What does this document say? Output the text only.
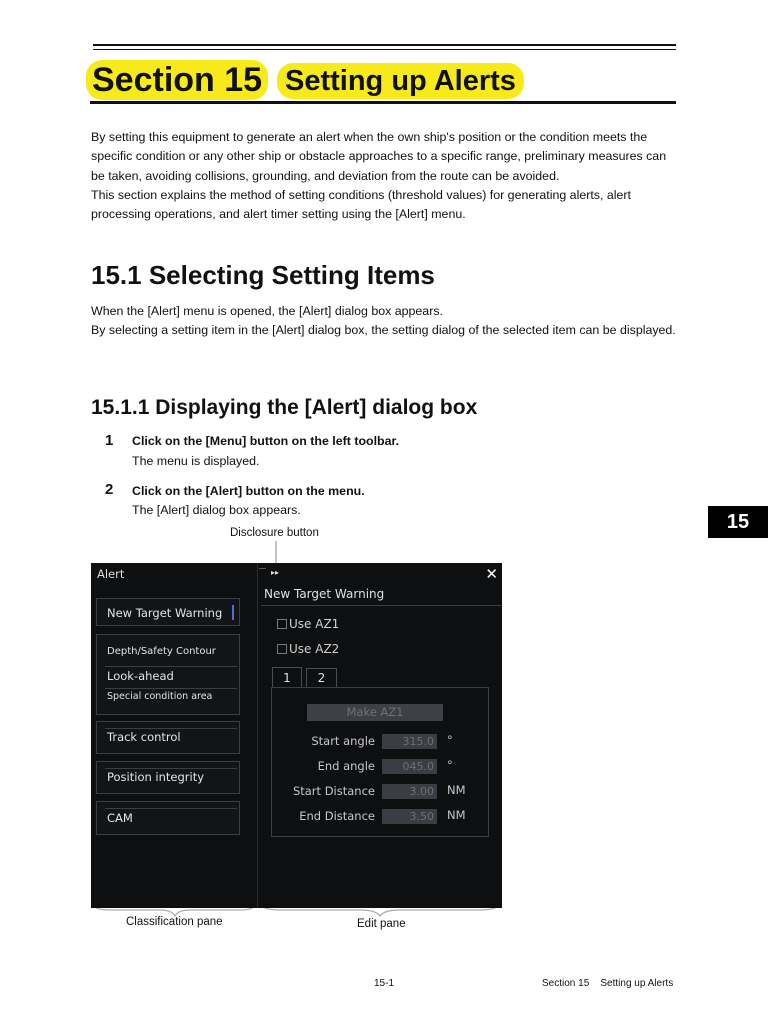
Section 15 Setting up Alerts
By setting this equipment to generate an alert when the own ship's position or the condition meets the specific condition or any other ship or obstacle approaches to a specific range, preliminary measures can be taken, avoiding collisions, grounding, and deviation from the route can be avoided.
This section explains the method of setting conditions (threshold values) for generating alerts, alert processing operations, and alert timer setting using the [Alert] menu.
15.1 Selecting Setting Items
When the [Alert] menu is opened, the [Alert] dialog box appears.
By selecting a setting item in the [Alert] dialog box, the setting dialog of the selected item can be displayed.
15.1.1 Displaying the [Alert] dialog box
1 Click on the [Menu] button on the left toolbar.
The menu is displayed.
2 Click on the [Alert] button on the menu.
The [Alert] dialog box appears.
15
Disclosure button
Classification pane	Edit pane
Alert	✕
▸▸
New Target Warning
Depth/Safety Contour
Look-ahead
Special condition area
Track control
Position integrity
CAM
New Target Warning
Use AZ1
Use AZ2
1	2
Make AZ1
Start angle	315.0 °
End angle	045.0 °
Start Distance	3.00 NM
End Distance	3.50 NM
15-1	Section 15    Setting up Alerts
